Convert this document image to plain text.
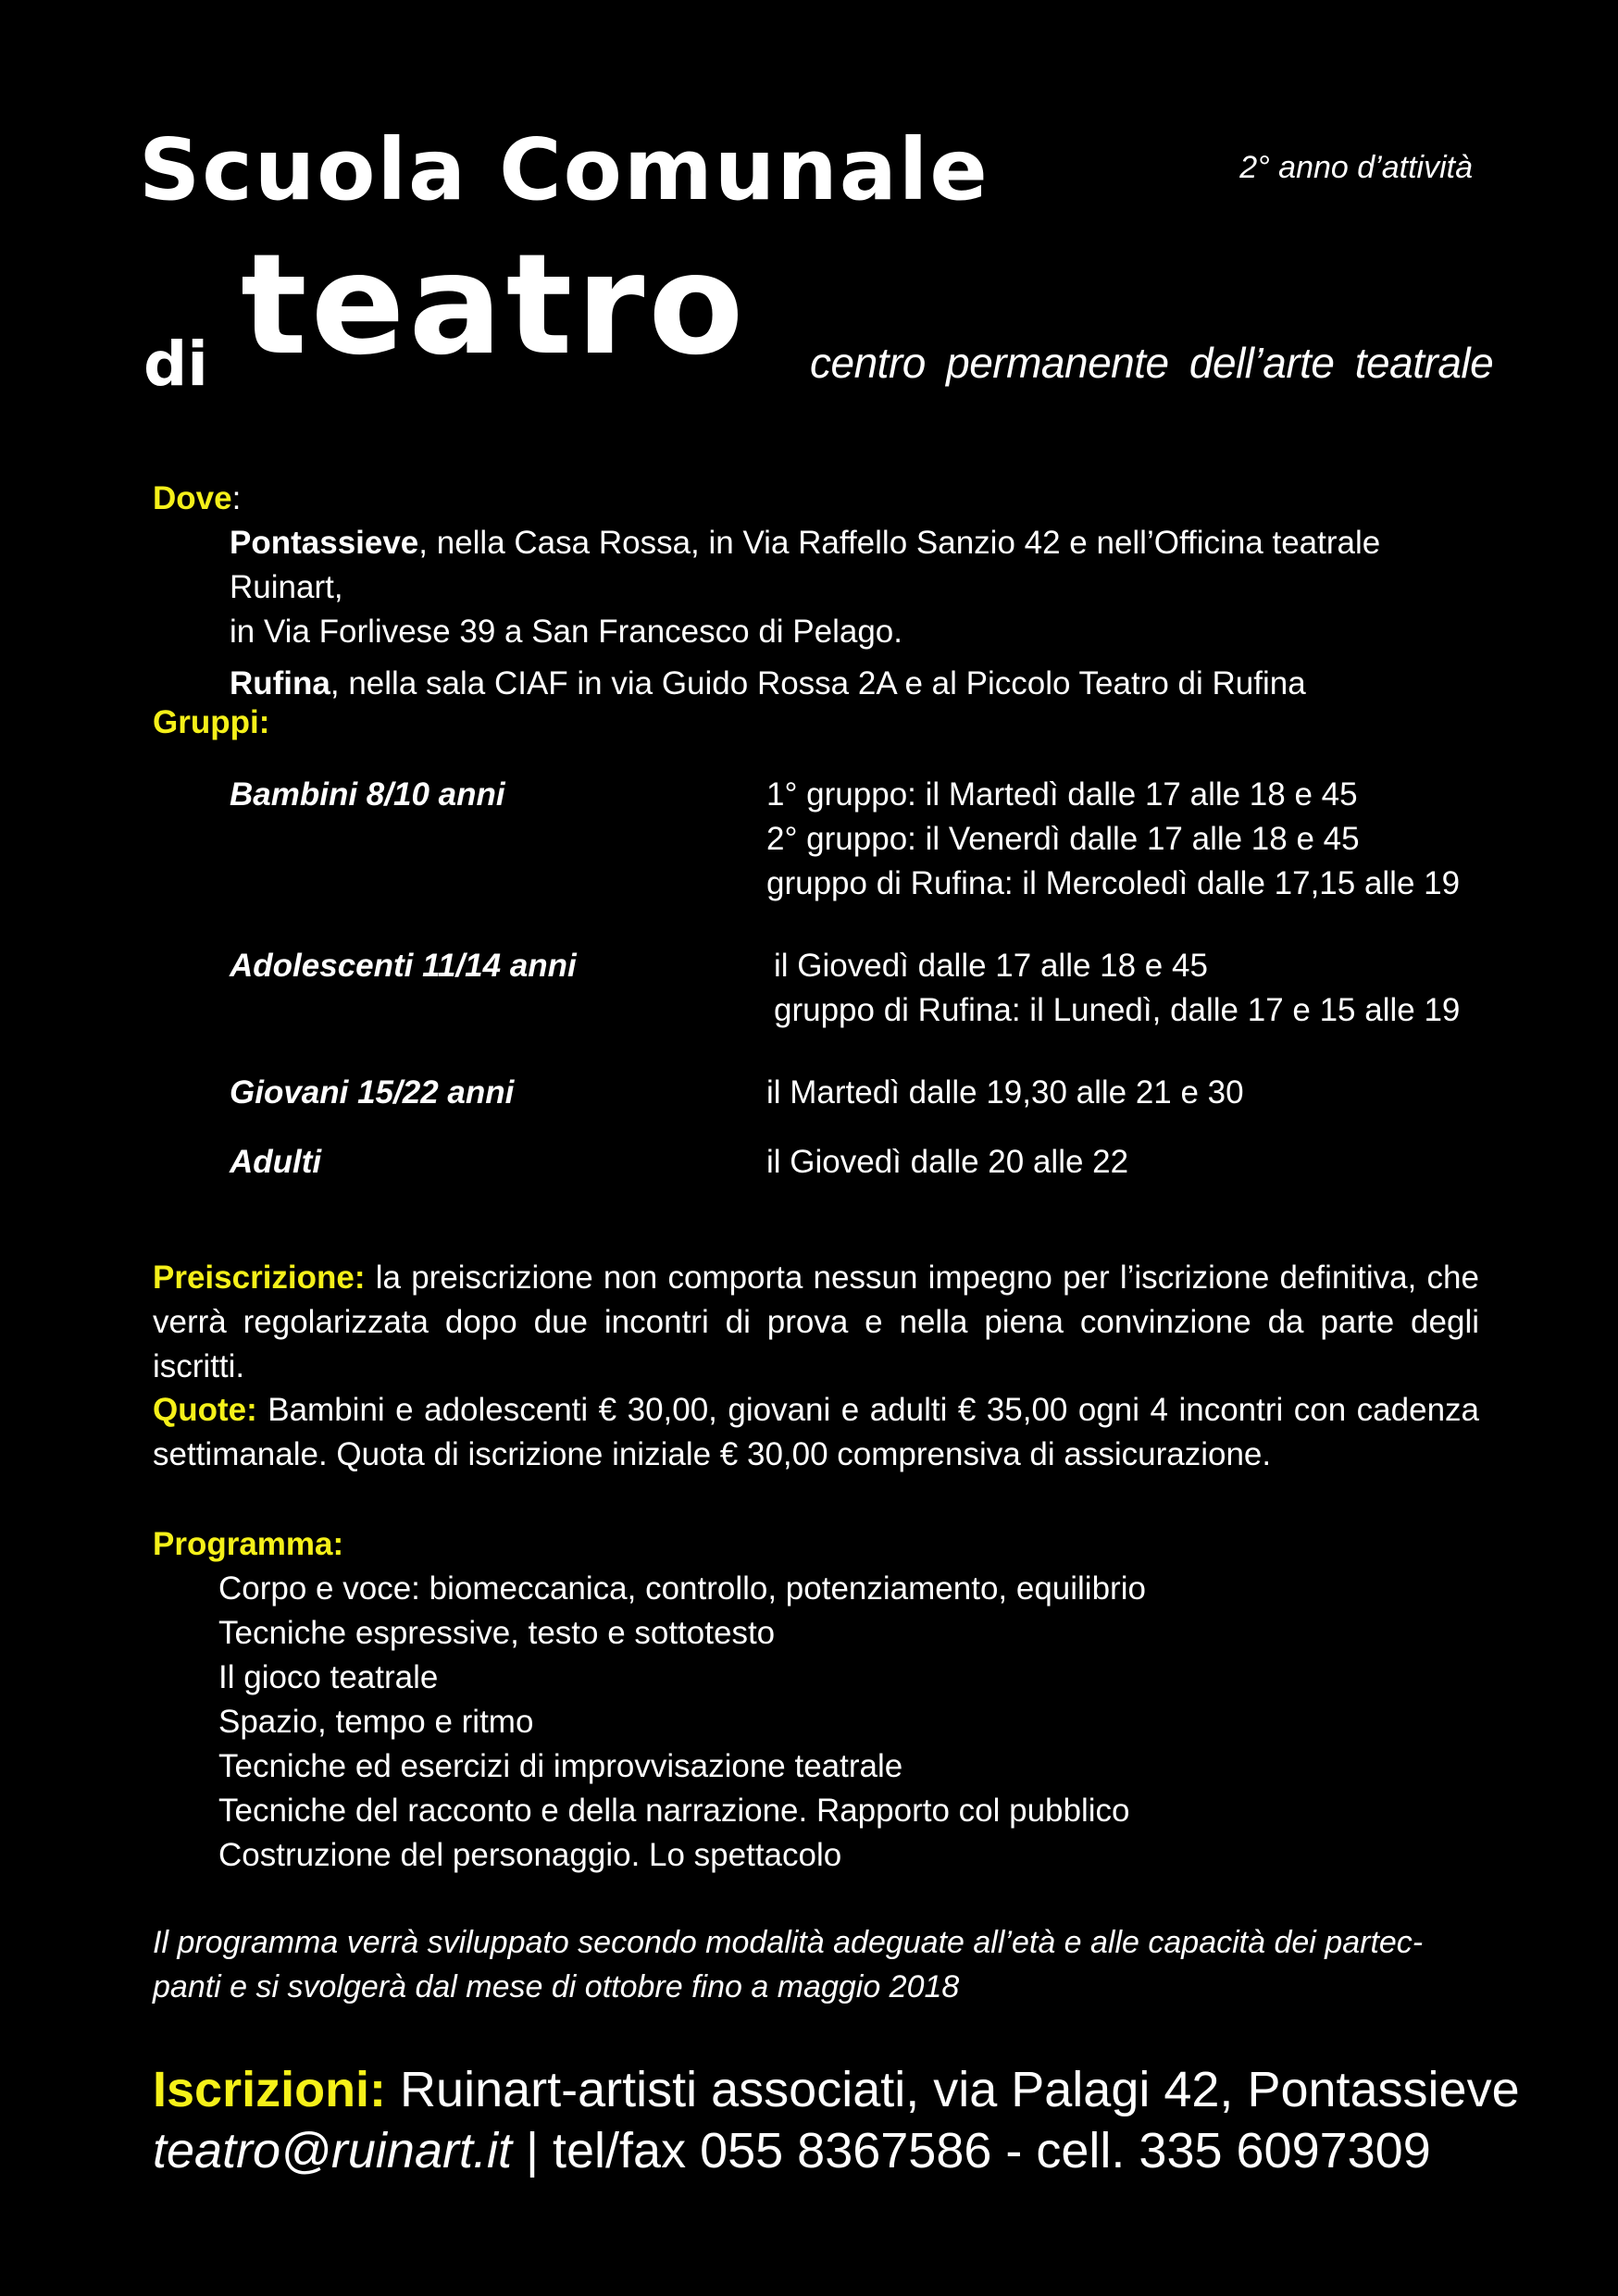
Scuola Comunale
di teatro
2° anno d’attività
centro permanente dell’arte teatrale
Dove:

Pontassieve, nella Casa Rossa, in Via Raffello Sanzio 42 e nell’Officina teatrale Ruinart,

in Via Forlivese 39 a San Francesco di Pelago.

Rufina, nella sala CIAF in via Guido Rossa 2A e al Piccolo Teatro di Rufina

Gruppi:
Bambini 8/10 anni	1° gruppo: il Martedì dalle 17 alle 18 e 45
2° gruppo: il Venerdì dalle 17 alle 18 e 45
gruppo di Rufina: il Mercoledì dalle 17,15 alle 19
Adolescenti 11/14 anni	il Giovedì dalle 17 alle 18 e 45
gruppo di Rufina: il Lunedì, dalle 17 e 15 alle 19
Giovani 15/22 anni	il Martedì dalle 19,30 alle 21 e 30
Adulti	il Giovedì dalle 20 alle 22

Preiscrizione: la preiscrizione non comporta nessun impegno per l’iscrizione definitiva, che verrà regolarizzata dopo due incontri di prova e nella piena convinzione da parte degli iscritti.

Quote: Bambini e adolescenti € 30,00, giovani e adulti € 35,00 ogni 4 incontri con cadenza settimanale. Quota di iscrizione iniziale € 30,00 comprensiva di assicurazione.

Programma:
Corpo e voce: biomeccanica, controllo, potenziamento, equilibrio
Tecniche espressive, testo e sottotesto
Il gioco teatrale
Spazio, tempo e ritmo
Tecniche ed esercizi di improvvisazione teatrale
Tecniche del racconto e della narrazione. Rapporto col pubblico
Costruzione del personaggio. Lo spettacolo
Il programma verrà sviluppato secondo modalità adeguate all’età e alle capacità dei partec-
panti e si svolgerà dal mese di ottobre fino a maggio 2018
Iscrizioni: Ruinart-artisti associati, via Palagi 42, Pontassieve
teatro@ruinart.it | tel/fax 055 8367586 - cell. 335 6097309
